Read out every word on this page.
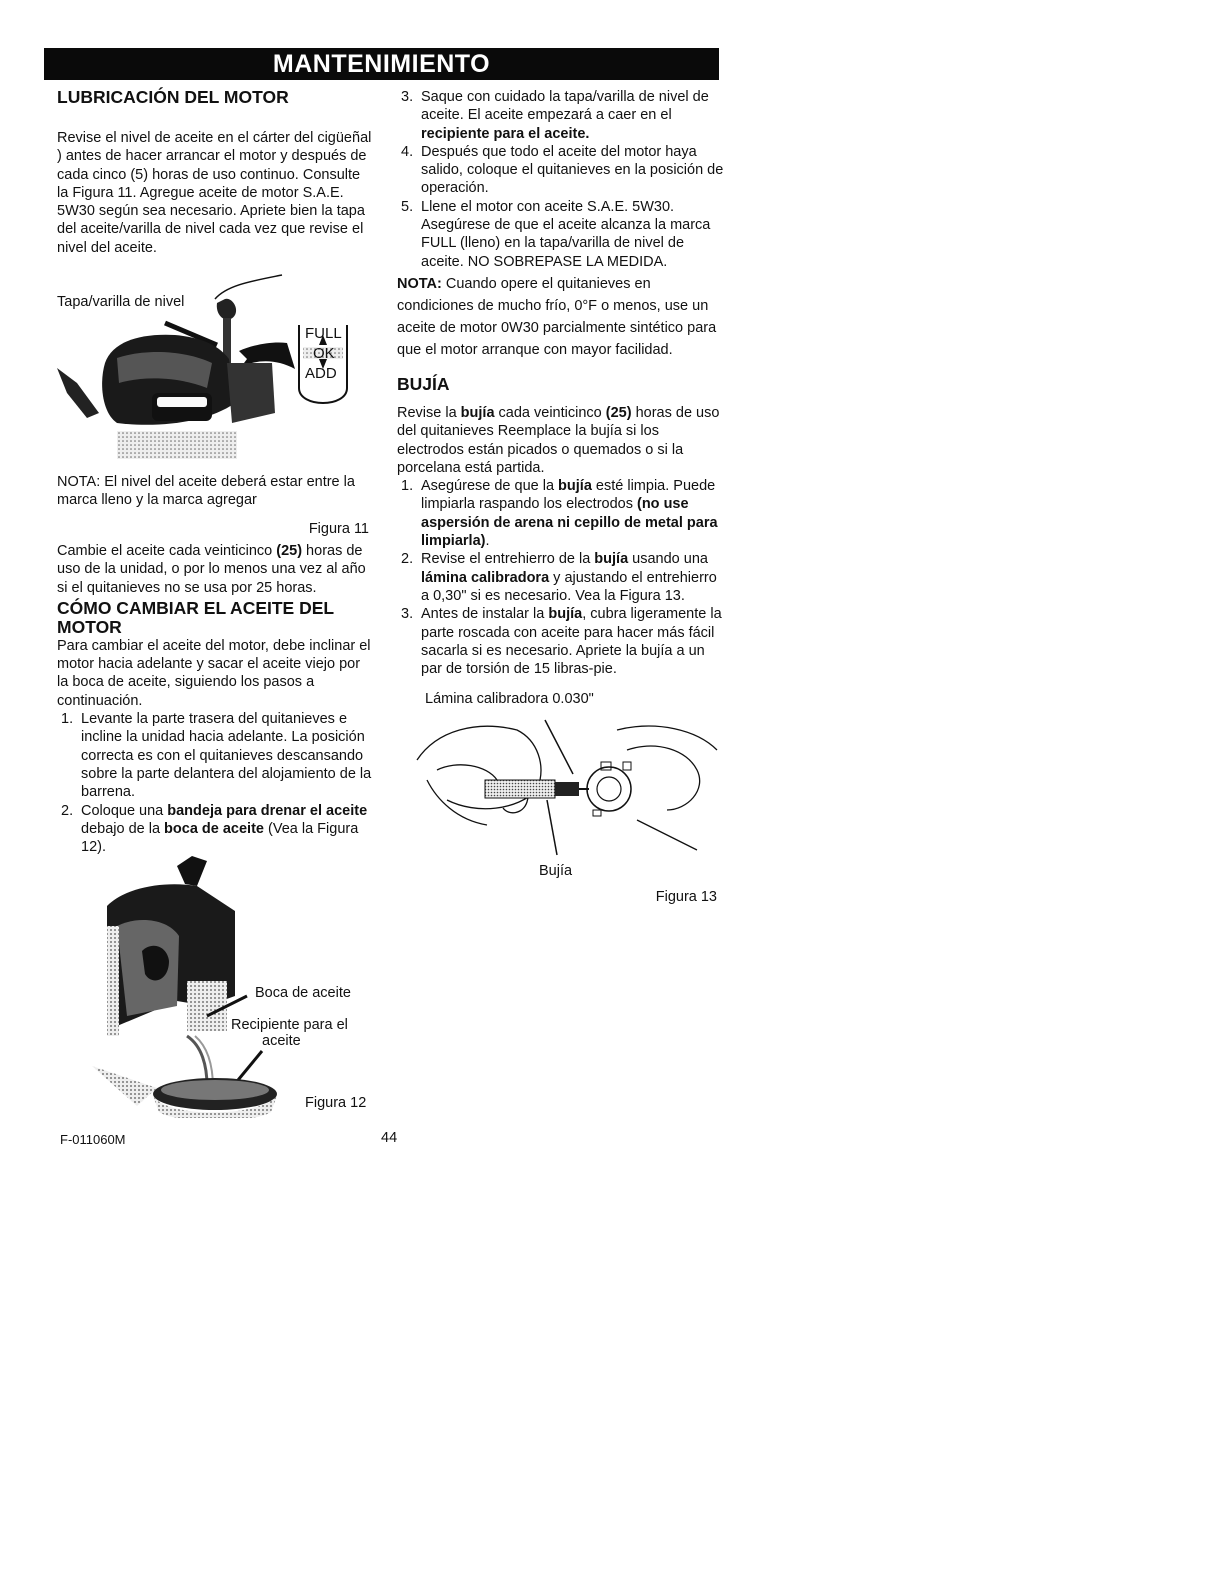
MANTENIMIENTO
LUBRICACIÓN DEL MOTOR

Revise el nivel de aceite en el cárter del cigüeñal ) antes de hacer arrancar el motor y después de cada cinco (5) horas de uso continuo. Consulte la Figura 11. Agregue aceite de motor S.A.E. 5W30 según sea necesario. Apriete bien la tapa del aceite/varilla de nivel cada vez que revise el nivel del aceite.

Tapa/varilla de nivel
FULL
OK
ADD

NOTA: El nivel del aceite deberá estar entre la marca lleno y la marca agregar

Figura 11

Cambie el aceite cada veinticinco (25) horas de uso de la unidad, o por lo menos una vez al año si el quitanieves no se usa por 25 horas.

CÓMO CAMBIAR EL ACEITE DEL MOTOR

Para cambiar el aceite del motor, debe inclinar el motor hacia adelante y sacar el aceite viejo por la boca de aceite, siguiendo los pasos a continuación.

1. Levante la parte trasera del quitanieves e incline la unidad hacia adelante. La posición correcta es con el quitanieves descansando sobre la parte delantera del alojamiento de la barrena.
2. Coloque una bandeja para drenar el aceite debajo de la boca de aceite (Vea la Figura 12).
Boca de aceite
Recipiente para el
aceite
Figura 12
3. Saque con cuidado la tapa/varilla de nivel de aceite. El aceite empezará a caer en el recipiente para el aceite.
4. Después que todo el aceite del motor haya salido, coloque el quitanieves en la posición de operación.
5. Llene el motor con aceite S.A.E. 5W30. Asegúrese de que el aceite alcanza la marca FULL (lleno) en la tapa/varilla de nivel de aceite. NO SOBREPASE LA MEDIDA.

NOTA: Cuando opere el quitanieves en condiciones de mucho frío, 0°F o menos, use un aceite de motor 0W30 parcialmente sintético para que el motor arranque con mayor facilidad.

BUJÍA

Revise la bujía cada veinticinco (25) horas de uso del quitanieves Reemplace la bujía si los electrodos están picados o quemados o si la porcelana está partida.

1. Asegúrese de que la bujía esté limpia. Puede limpiarla raspando los electrodos (no use aspersión de arena ni cepillo de metal para limpiarla).
2. Revise el entrehierro de la bujía usando una lámina calibradora y ajustando el entrehierro a 0,30" si es necesario. Vea la Figura 13.
3. Antes de instalar la bujía, cubra ligeramente la parte roscada con aceite para hacer más fácil sacarla si es necesario. Apriete la bujía a un par de torsión de 15 libras-pie.
Lámina calibradora 0.030"
Bujía

Figura 13

F-011060M	44
